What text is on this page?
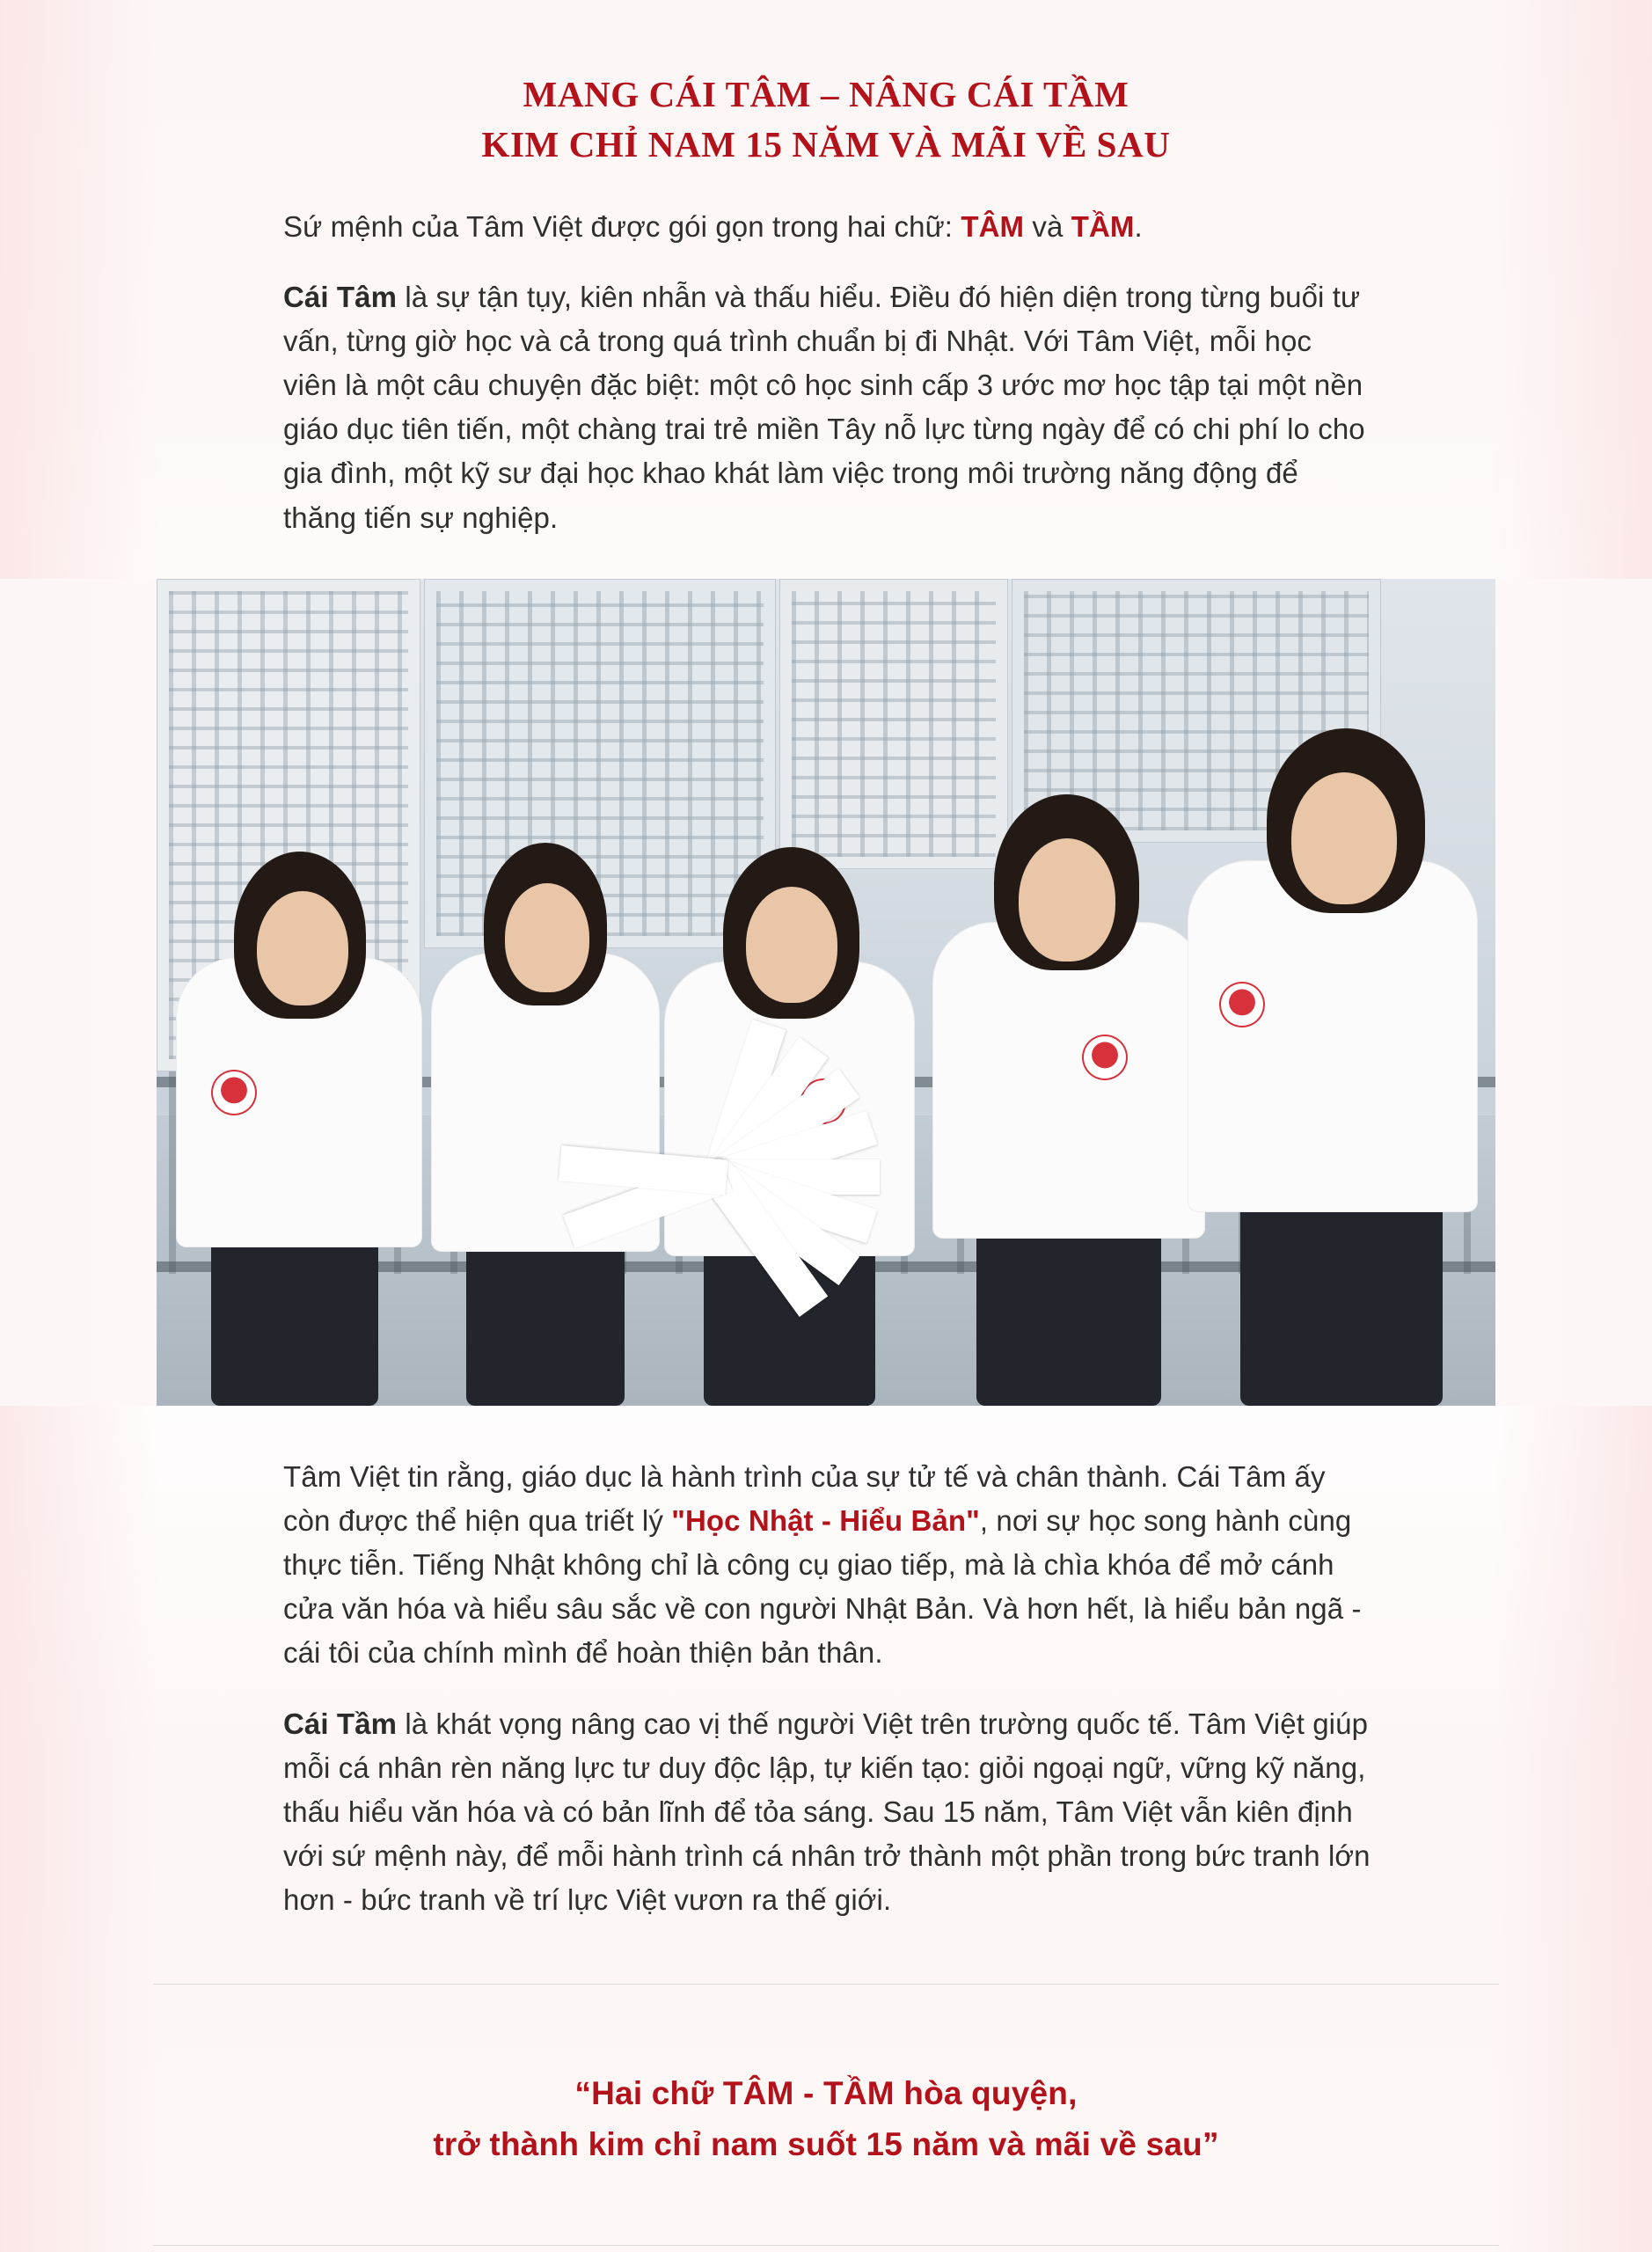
MANG CÁI TÂM – NÂNG CÁI TẦM
KIM CHỈ NAM 15 NĂM VÀ MÃI VỀ SAU

Sứ mệnh của Tâm Việt được gói gọn trong hai chữ: TÂM và TẦM.

Cái Tâm là sự tận tụy, kiên nhẫn và thấu hiểu. Điều đó hiện diện trong từng buổi tư vấn, từng giờ học và cả trong quá trình chuẩn bị đi Nhật. Với Tâm Việt, mỗi học viên là một câu chuyện đặc biệt: một cô học sinh cấp 3 ước mơ học tập tại một nền giáo dục tiên tiến, một chàng trai trẻ miền Tây nỗ lực từng ngày để có chi phí lo cho gia đình, một kỹ sư đại học khao khát làm việc trong môi trường năng động để thăng tiến sự nghiệp.

Tâm Việt tin rằng, giáo dục là hành trình của sự tử tế và chân thành. Cái Tâm ấy còn được thể hiện qua triết lý "Học Nhật - Hiểu Bản", nơi sự học song hành cùng thực tiễn. Tiếng Nhật không chỉ là công cụ giao tiếp, mà là chìa khóa để mở cánh cửa văn hóa và hiểu sâu sắc về con người Nhật Bản. Và hơn hết, là hiểu bản ngã - cái tôi của chính mình để hoàn thiện bản thân.

Cái Tầm là khát vọng nâng cao vị thế người Việt trên trường quốc tế. Tâm Việt giúp mỗi cá nhân rèn năng lực tư duy độc lập, tự kiến tạo: giỏi ngoại ngữ, vững kỹ năng, thấu hiểu văn hóa và có bản lĩnh để tỏa sáng. Sau 15 năm, Tâm Việt vẫn kiên định với sứ mệnh này, để mỗi hành trình cá nhân trở thành một phần trong bức tranh lớn hơn - bức tranh về trí lực Việt vươn ra thế giới.

“Hai chữ TÂM - TẦM hòa quyện,
trở thành kim chỉ nam suốt 15 năm và mãi về sau”
